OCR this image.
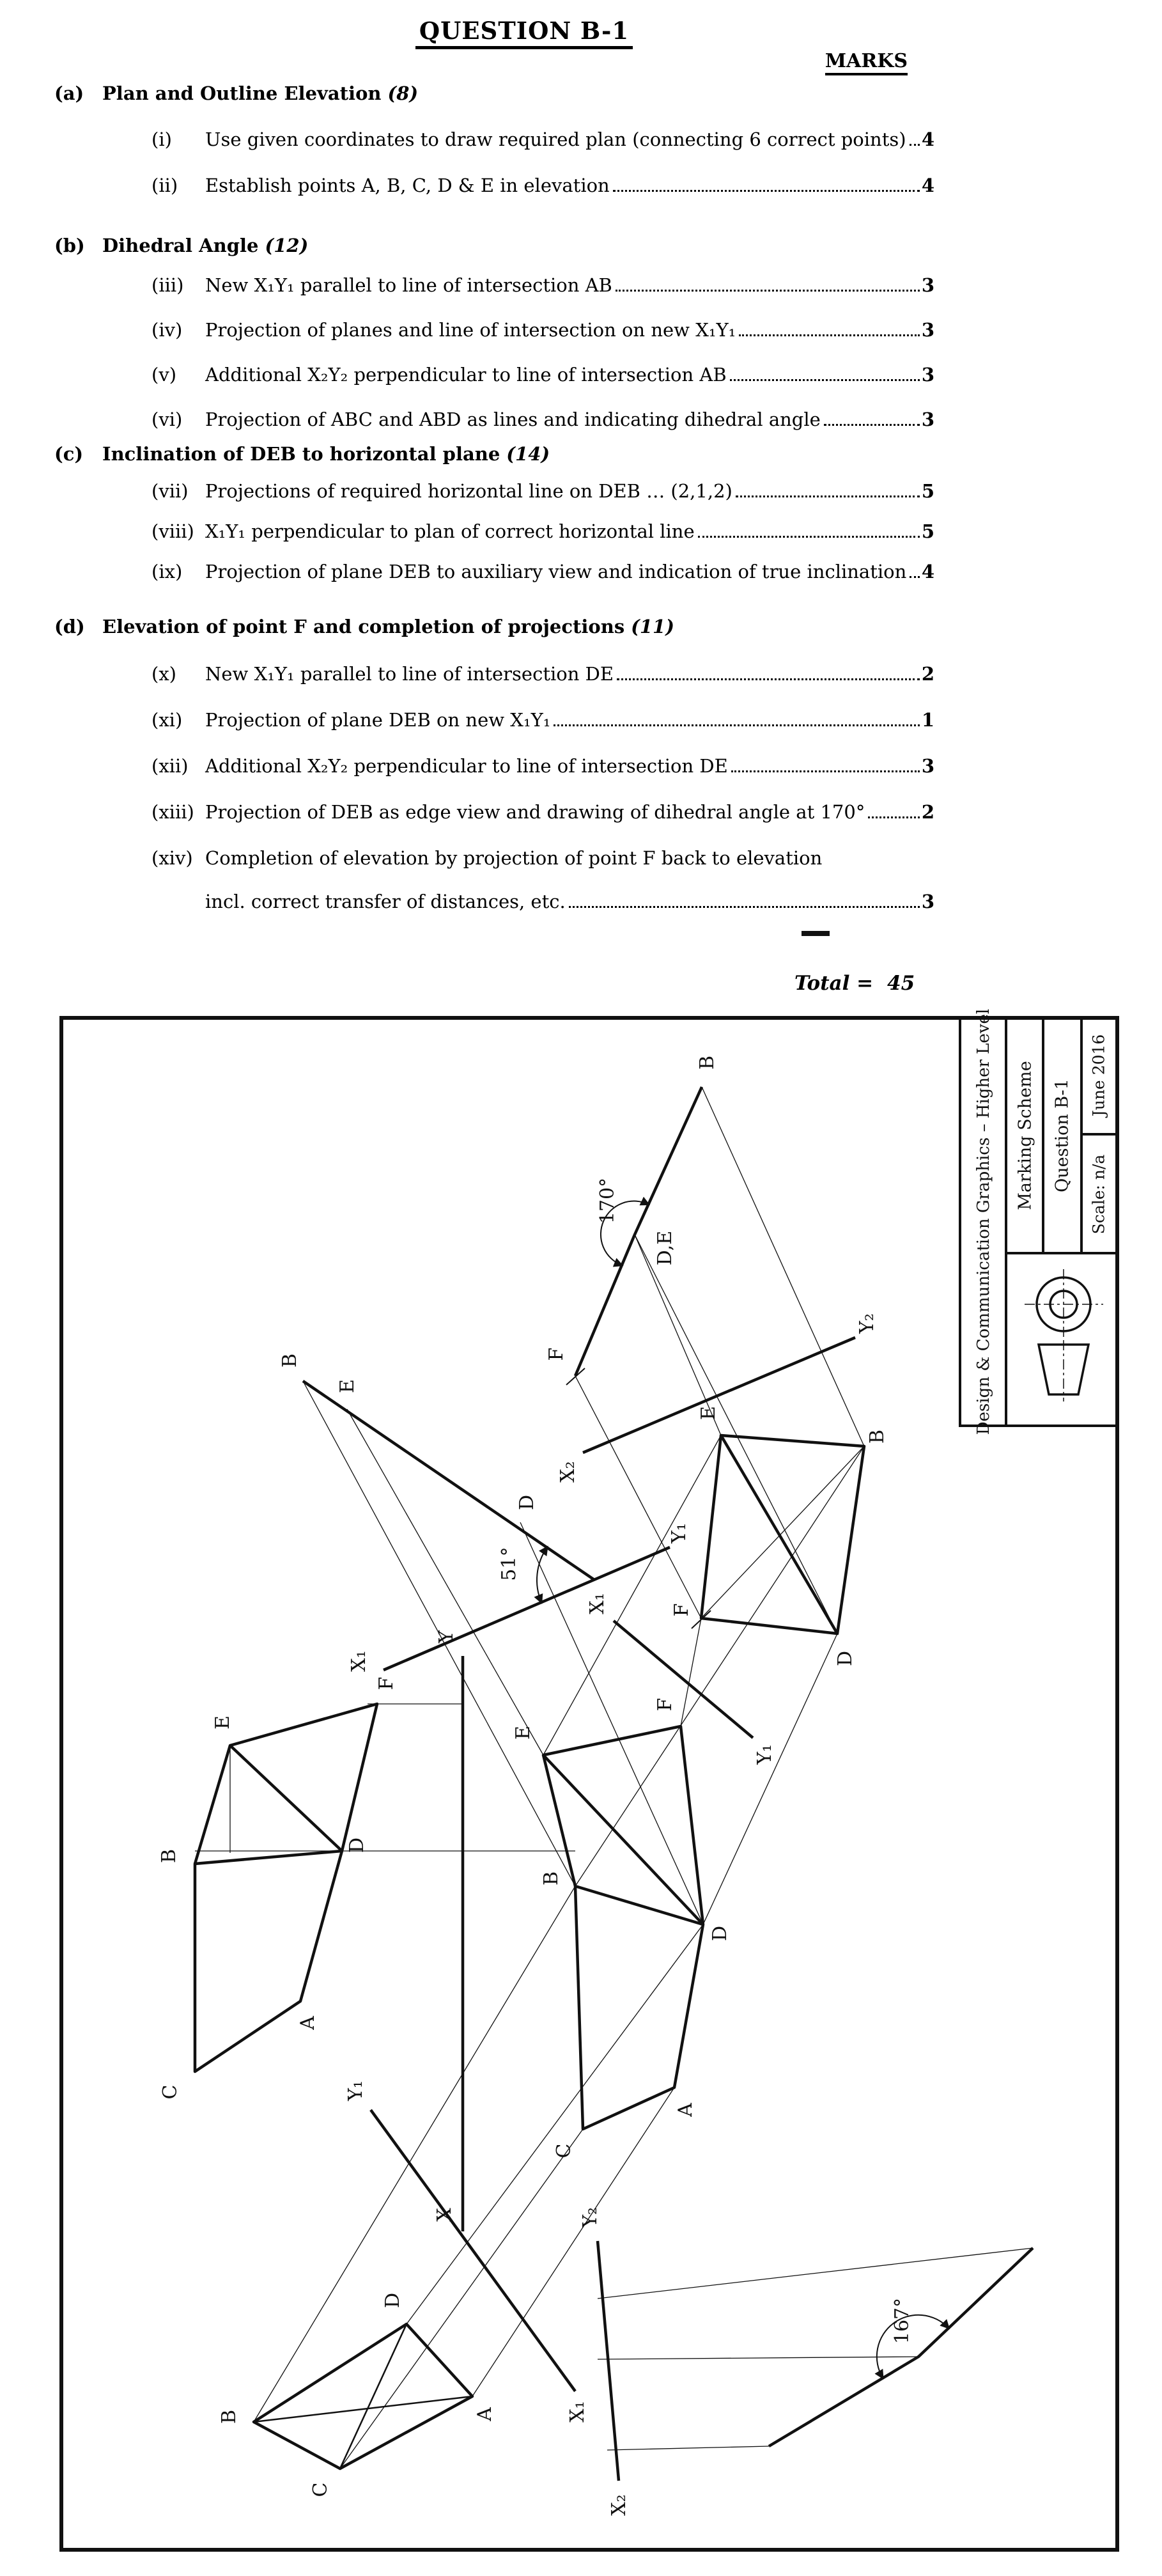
QUESTION B-1
MARKS
(a) Plan and Outline Elevation (8)
(i)	Use given coordinates to draw required plan (connecting 6 correct points) 4
(ii)	Establish points A, B, C, D & E in elevation	4
(b) Dihedral Angle (12)
(iii)	New X₁Y₁ parallel to line of intersection AB	3
(iv)	Projection of planes and line of intersection on new X₁Y₁	3
(v)	Additional X₂Y₂ perpendicular to line of intersection AB	3
(vi)	Projection of ABC and ABD as lines and indicating dihedral angle	3
(c) Inclination of DEB to horizontal plane (14)
(vii) Projections of required horizontal line on DEB … (2,1,2)	5
(viii) X₁Y₁ perpendicular to plan of correct horizontal line	5
(ix)	Projection of plane DEB to auxiliary view and indication of true inclination 4
(d) Elevation of point F and completion of projections (11)
(x)	New X₁Y₁ parallel to line of intersection DE	2
(xi)	Projection of plane DEB on new X₁Y₁	1
(xii) Additional X₂Y₂ perpendicular to line of intersection DE	3
(xiii) Projection of DEB as edge view and drawing of dihedral angle at 170°	2
(xiv) Completion of elevation by projection of point F back to elevation
incl. correct transfer of distances, etc.	3
Total = 45
B
D,E
170°
F
Y₂
X₂
E
B
D
F
X₁
Y₁
B
E
D
51°
X₁
Y₁
Y
X
F
E
B
D
A
C
E
F
B
D
A
C
Y₁
X₁
D
B	A
C
Y₂
X₂
167°
Design & Communication Graphics – Higher Level Marking Scheme Question B-1
June 2016
Scale: n/a
